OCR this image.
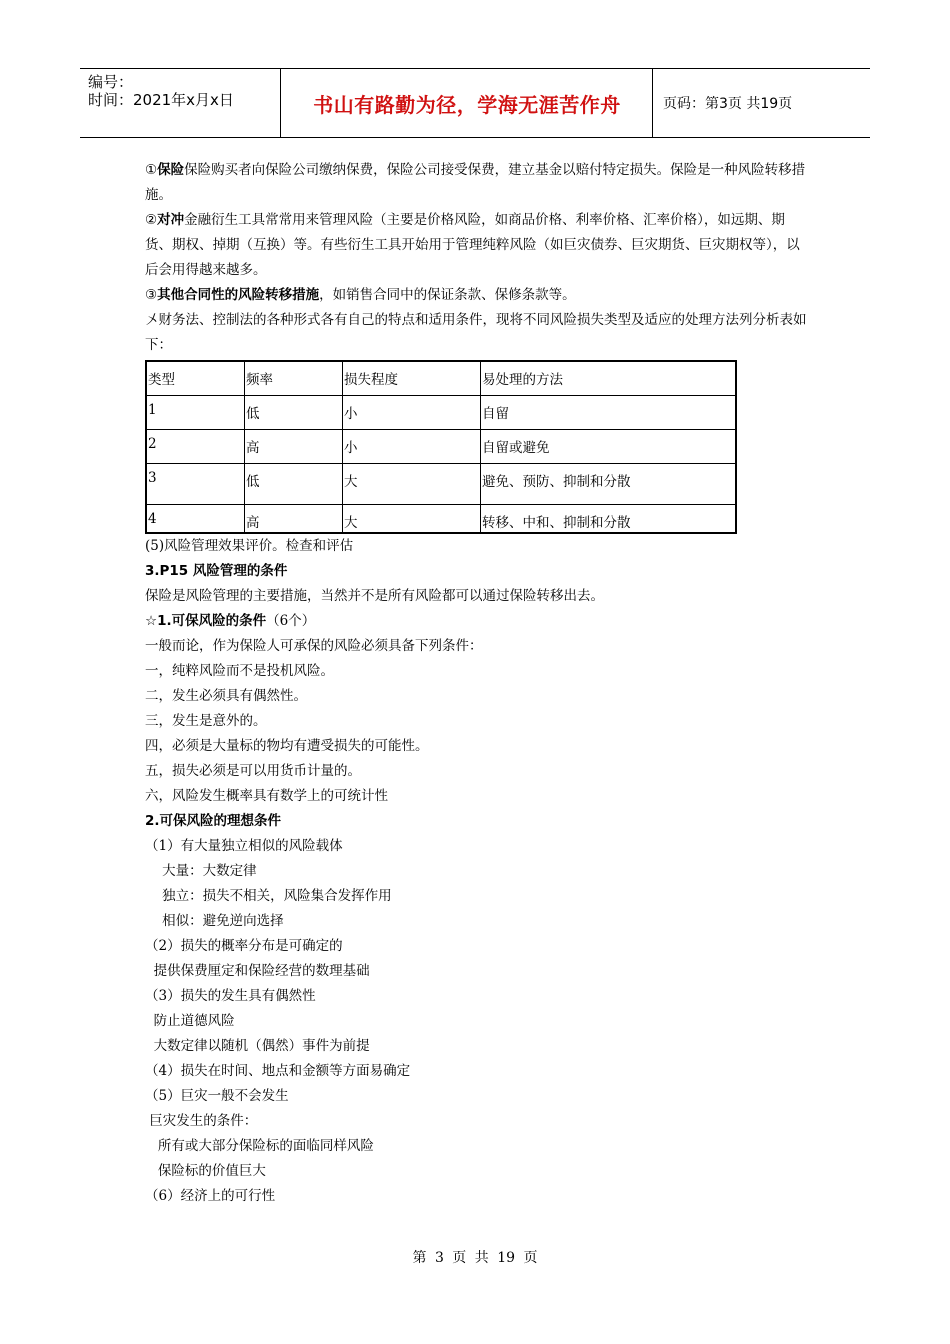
编号：
时间：2021年x月x日	书山有路勤为径，学海无涯苦作舟	页码：第3页 共19页

①保险保险购买者向保险公司缴纳保费，保险公司接受保费，建立基金以赔付特定损失。保险是一种风险转移措施。

②对冲金融衍生工具常常用来管理风险（主要是价格风险，如商品价格、利率价格、汇率价格），如远期、期货、期权、掉期（互换）等。有些衍生工具开始用于管理纯粹风险（如巨灾债券、巨灾期货、巨灾期权等），以后会用得越来越多。

③其他合同性的风险转移措施，如销售合同中的保证条款、保修条款等。

〤财务法、控制法的各种形式各有自己的特点和适用条件，现将不同风险损失类型及适应的处理方法列分析表如下：

类型	频率	损失程度	易处理的方法
1	低	小	自留
2	高	小	自留或避免
3	低	大	避免、预防、抑制和分散
4	高	大	转移、中和、抑制和分散

(5)风险管理效果评价。检查和评估

3.P15 风险管理的条件

保险是风险管理的主要措施，当然并不是所有风险都可以通过保险转移出去。

☆1.可保风险的条件（6个）

一般而论，作为保险人可承保的风险必须具备下列条件：

一，纯粹风险而不是投机风险。

二，发生必须具有偶然性。

三，发生是意外的。

四，必须是大量标的物均有遭受损失的可能性。

五，损失必须是可以用货币计量的。

六，风险发生概率具有数学上的可统计性

2.可保风险的理想条件

（1）有大量独立相似的风险载体

大量：大数定律

独立：损失不相关，风险集合发挥作用

相似：避免逆向选择

（2）损失的概率分布是可确定的

提供保费厘定和保险经营的数理基础

（3）损失的发生具有偶然性

防止道德风险

大数定律以随机（偶然）事件为前提

（4）损失在时间、地点和金额等方面易确定

（5）巨灾一般不会发生

巨灾发生的条件：

所有或大部分保险标的面临同样风险

保险标的价值巨大

（6）经济上的可行性

第 3 页 共 19 页
